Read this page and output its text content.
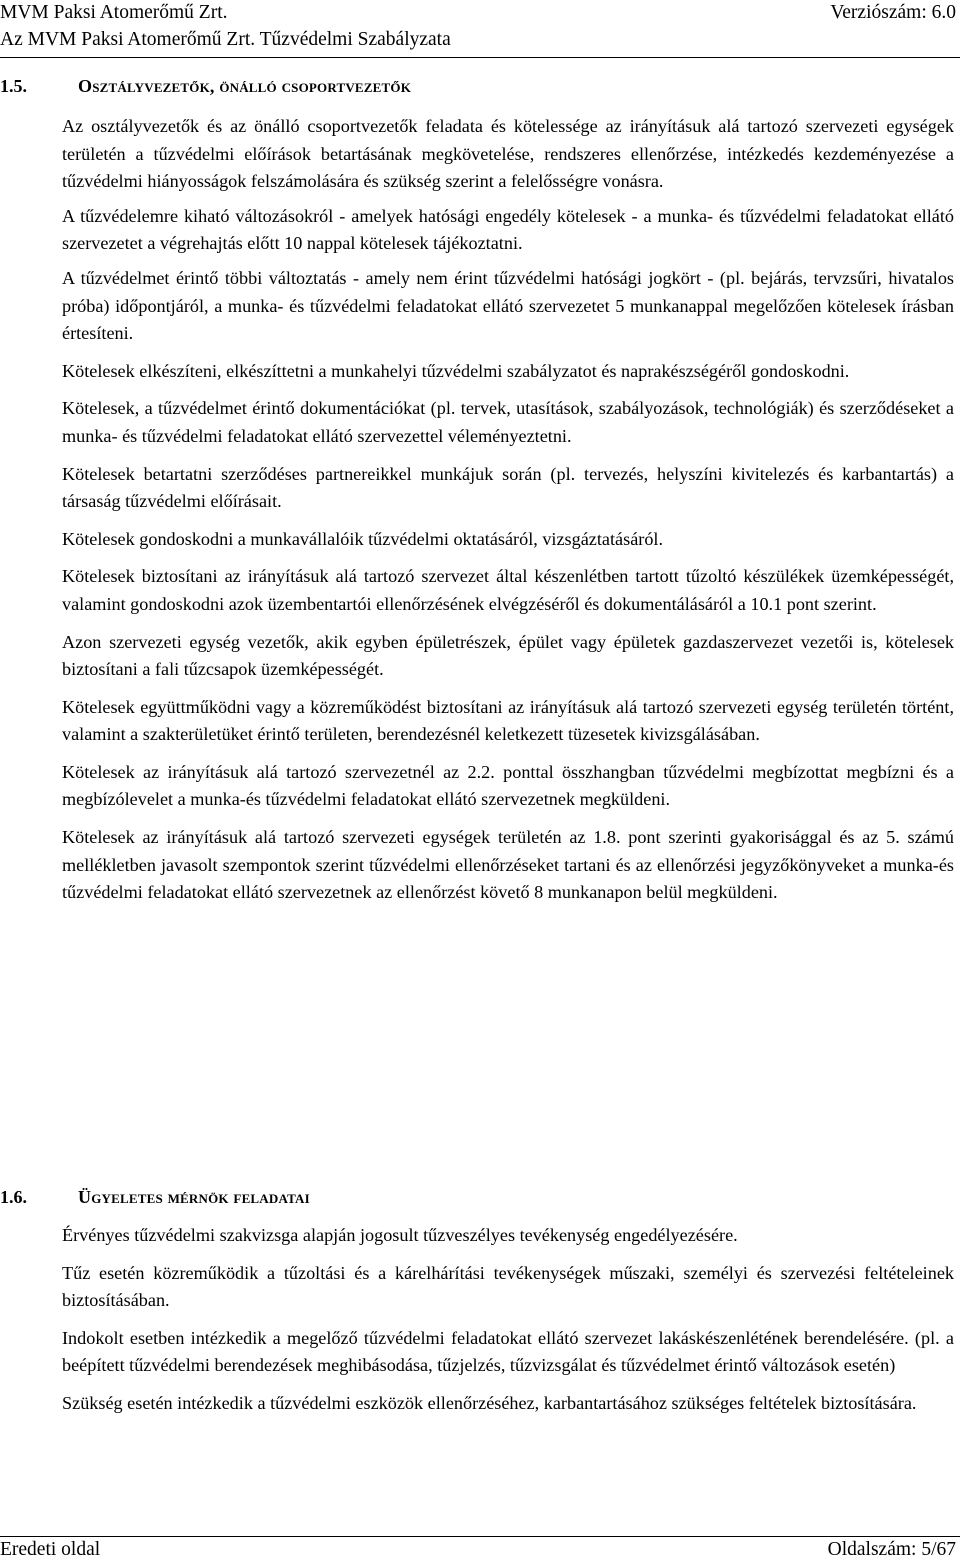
MVM Paksi Atomerőmű Zrt.	Verziószám: 6.0
Az MVM Paksi Atomerőmű Zrt. Tűzvédelmi Szabályzata
1.5.	Osztályvezetők, önálló csoportvezetők

Az osztályvezetők és az önálló csoportvezetők feladata és kötelessége az irányításuk alá tartozó szervezeti egységek területén a tűzvédelmi előírások betartásának megkövetelése, rendszeres ellenőrzése, intézkedés kezdeményezése a tűzvédelmi hiányosságok felszámolására és szükség szerint a felelősségre vonásra.

A tűzvédelemre kiható változásokról - amelyek hatósági engedély kötelesek - a munka- és tűzvédelmi feladatokat ellátó szervezetet a végrehajtás előtt 10 nappal kötelesek tájékoztatni.

A tűzvédelmet érintő többi változtatás - amely nem érint tűzvédelmi hatósági jogkört - (pl. bejárás, tervzsűri, hivatalos próba) időpontjáról, a munka- és tűzvédelmi feladatokat ellátó szervezetet 5 munkanappal megelőzően kötelesek írásban értesíteni.

Kötelesek elkészíteni, elkészíttetni a munkahelyi tűzvédelmi szabályzatot és naprakészségéről gondoskodni.

Kötelesek, a tűzvédelmet érintő dokumentációkat (pl. tervek, utasítások, szabályozások, technológiák) és szerződéseket a munka- és tűzvédelmi feladatokat ellátó szervezettel véleményeztetni.

Kötelesek betartatni szerződéses partnereikkel munkájuk során (pl. tervezés, helyszíni kivitelezés és karbantartás) a társaság tűzvédelmi előírásait.

Kötelesek gondoskodni a munkavállalóik tűzvédelmi oktatásáról, vizsgáztatásáról.

Kötelesek biztosítani az irányításuk alá tartozó szervezet által készenlétben tartott tűzoltó készülékek üzemképességét, valamint gondoskodni azok üzembentartói ellenőrzésének elvégzéséről és dokumentálásáról a 10.1 pont szerint.

Azon szervezeti egység vezetők, akik egyben épületrészek, épület vagy épületek gazdaszervezet vezetői is, kötelesek biztosítani a fali tűzcsapok üzemképességét.

Kötelesek együttműködni vagy a közreműködést biztosítani az irányításuk alá tartozó szervezeti egység területén történt, valamint a szakterületüket érintő területen, berendezésnél keletkezett tüzesetek kivizsgálásában.

Kötelesek az irányításuk alá tartozó szervezetnél az 2.2. ponttal összhangban tűzvédelmi megbízottat megbízni és a megbízólevelet a munka-és tűzvédelmi feladatokat ellátó szervezetnek megküldeni.

Kötelesek az irányításuk alá tartozó szervezeti egységek területén az 1.8. pont szerinti gyakorisággal és az 5. számú mellékletben javasolt szempontok szerint tűzvédelmi ellenőrzéseket tartani és az ellenőrzési jegyzőkönyveket a munka-és tűzvédelmi feladatokat ellátó szervezetnek az ellenőrzést követő 8 munkanapon belül megküldeni.

1.6.	Ügyeletes mérnök feladatai

Érvényes tűzvédelmi szakvizsga alapján jogosult tűzveszélyes tevékenység engedélyezésére.

Tűz esetén közreműködik a tűzoltási és a kárelhárítási tevékenységek műszaki, személyi és szervezési feltételeinek biztosításában.

Indokolt esetben intézkedik a megelőző tűzvédelmi feladatokat ellátó szervezet lakáskészenlétének berendelésére. (pl. a beépített tűzvédelmi berendezések meghibásodása, tűzjelzés, tűzvizsgálat és tűzvédelmet érintő változások esetén)

Szükség esetén intézkedik a tűzvédelmi eszközök ellenőrzéséhez, karbantartásához szükséges feltételek biztosítására.

Eredeti oldal	Oldalszám: 5/67
